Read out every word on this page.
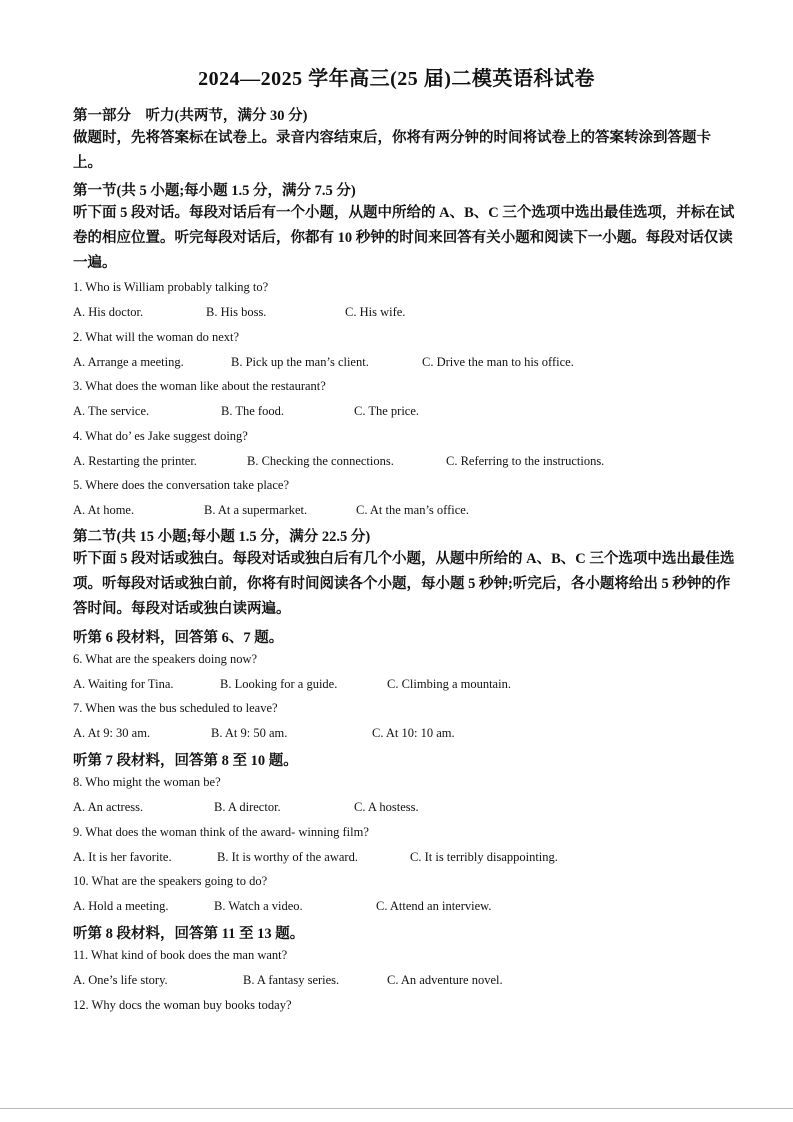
2024—2025 学年高三(25 届)二模英语科试卷
第一部分　听力(共两节，满分 30 分)
做题时，先将答案标在试卷上。录音内容结束后，你将有两分钟的时间将试卷上的答案转涂到答题卡上。
第一节(共 5 小题;每小题 1.5 分，满分 7.5 分)
听下面 5 段对话。每段对话后有一个小题，从题中所给的 A、B、C 三个选项中选出最佳选项，并标在试卷的相应位置。听完每段对话后，你都有 10 秒钟的时间来回答有关小题和阅读下一小题。每段对话仅读一遍。
1. Who is William probably talking to?
A. His doctor.	B. His boss.	C. His wife.
2. What will the woman do next?
A. Arrange a meeting.	B. Pick up the man’s client.	C. Drive the man to his office.
3. What does the woman like about the restaurant?
A. The service.	B. The food.	C. The price.
4. What do’ es Jake suggest doing?
A. Restarting the printer.	B. Checking the connections.	C. Referring to the instructions.
5. Where does the conversation take place?
A. At home.	B. At a supermarket.	C. At the man’s office.
第二节(共 15 小题;每小题 1.5 分，满分 22.5 分)
听下面 5 段对话或独白。每段对话或独白后有几个小题，从题中所给的 A、B、C 三个选项中选出最佳选项。听每段对话或独白前，你将有时间阅读各个小题，每小题 5 秒钟;听完后，各小题将给出 5 秒钟的作答时间。每段对话或独白读两遍。
听第 6 段材料，回答第 6、7 题。
6. What are the speakers doing now?
A. Waiting for Tina.	B. Looking for a guide.	C. Climbing a mountain.
7. When was the bus scheduled to leave?
A. At 9: 30 am.	B. At 9: 50 am.	C. At 10: 10 am.
听第 7 段材料，回答第 8 至 10 题。
8. Who might the woman be?
A. An actress.	B. A director.	C. A hostess.
9. What does the woman think of the award- winning film?
A. It is her favorite.	B. It is worthy of the award.	C. It is terribly disappointing.
10. What are the speakers going to do?
A. Hold a meeting.	B. Watch a video.	C. Attend an interview.
听第 8 段材料，回答第 11 至 13 题。
11. What kind of book does the man want?
A. One’s life story.	B. A fantasy series.	C. An adventure novel.
12. Why docs the woman buy books today?
